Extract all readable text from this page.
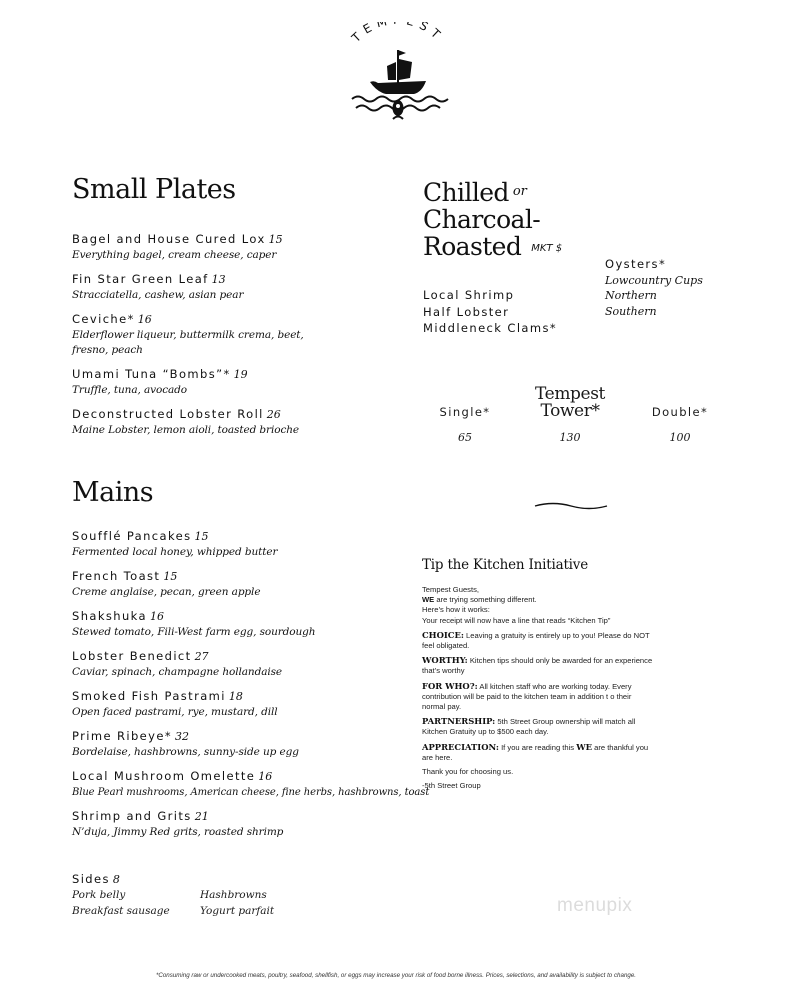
TE EST
Small Plates
Bagel and House Cured Lox 15
Everything bagel, cream cheese, caper
Fin Star Green Leaf 13
Stracciatella, cashew, asian pear
Ceviche* 16
Elderflower liqueur, buttermilk crema, beet, fresno, peach
Umami Tuna “Bombs”* 19
Truffle, tuna, avocado
Deconstructed Lobster Roll 26
Maine Lobster, lemon aioli, toasted brioche
Chilled $^{or}$
Charcoal-
Roasted MKT $
Oysters*
Lowcountry Cups
Northern
Southern
Local Shrimp
Half Lobster
Middleneck Clams*
Single*
65
Tempest
Tower*
130
Double*
100
Mains
Soufflé Pancakes 15
Fermented local honey, whipped butter
French Toast 15
Creme anglaise, pecan, green apple
Shakshuka 16
Stewed tomato, Fili-West farm egg, sourdough
Lobster Benedict 27
Caviar, spinach, champagne hollandaise
Smoked Fish Pastrami 18
Open faced pastrami, rye, mustard, dill
Prime Ribeye* 32
Bordelaise, hashbrowns, sunny-side up egg
Local Mushroom Omelette 16
Blue Pearl mushrooms, American cheese, fine herbs, hashbrowns, toast
Shrimp and Grits 21
N’duja, Jimmy Red grits, roasted shrimp
Sides 8
Pork belly	Hashbrowns
Breakfast sausage	Yogurt parfait
Tip the Kitchen Initiative
Tempest Guests,
WE are trying something different.
Here’s how it works:
Your receipt will now have a line that reads “Kitchen Tip”
CHOICE: Leaving a gratuity is entirely up to you! Please do NOT feel obligated.
WORTHY: Kitchen tips should only be awarded for an experience that’s worthy
FOR WHO?: All kitchen staff who are working today. Every contribution will be paid to the kitchen team in addition t o their normal pay.
PARTNERSHIP: 5th Street Group ownership will match all Kitchen Gratuity up to $500 each day.
APPRECIATION: If you are reading this WE are thankful you are here.
Thank you for choosing us.
-5th Street Group
menupix
*Consuming raw or undercooked meats, poultry, seafood, shellfish, or eggs may increase your risk of food borne illness. Prices, selections, and availability is subject to change.
